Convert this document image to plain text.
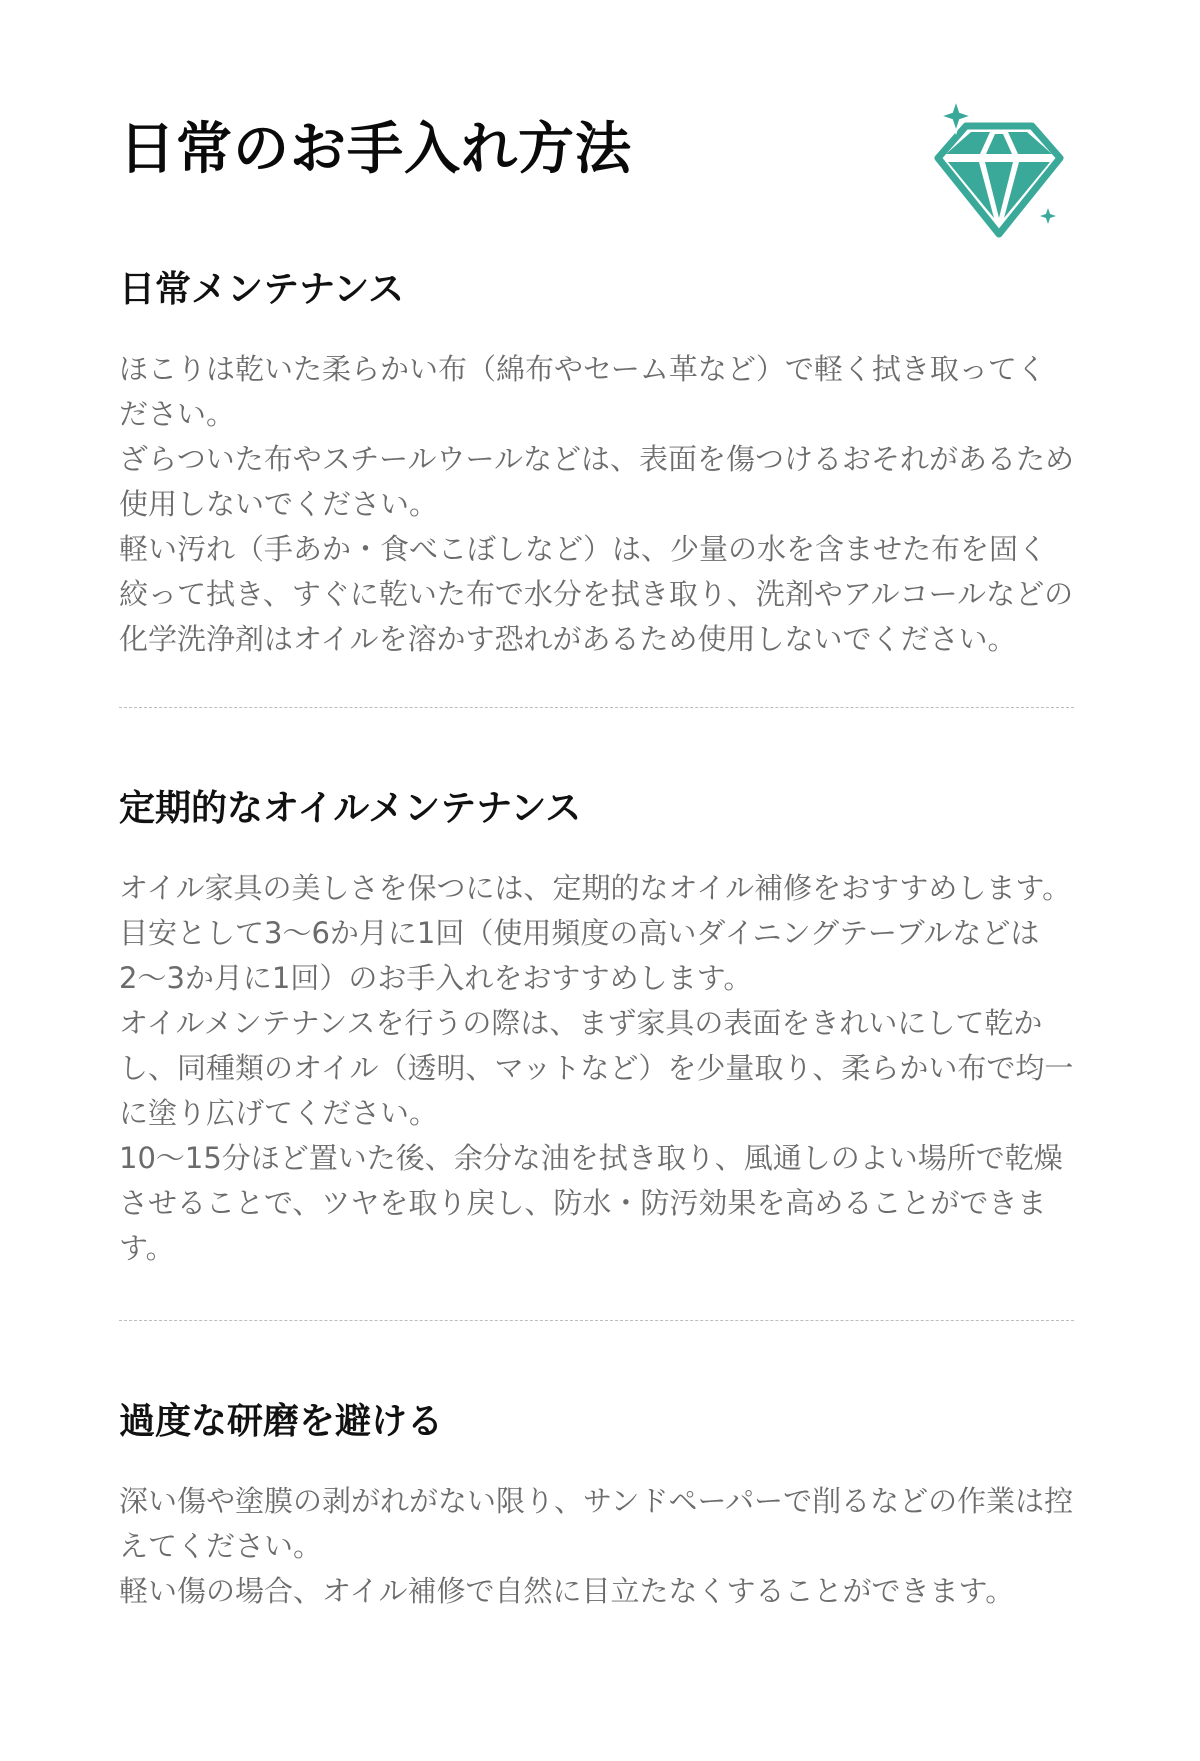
日常のお手入れ方法
日常メンテナンス
ほこりは乾いた柔らかい布（綿布やセーム革など）で軽く拭き取ってください。
ざらついた布やスチールウールなどは、表面を傷つけるおそれがあるため使用しないでください。
軽い汚れ（手あか・食べこぼしなど）は、少量の水を含ませた布を固く絞って拭き、すぐに乾いた布で水分を拭き取り、洗剤やアルコールなどの化学洗浄剤はオイルを溶かす恐れがあるため使用しないでください。
定期的なオイルメンテナンス
オイル家具の美しさを保つには、定期的なオイル補修をおすすめします。
目安として3〜6か月に1回（使用頻度の高いダイニングテーブルなどは2〜3か月に1回）のお手入れをおすすめします。
オイルメンテナンスを行うの際は、まず家具の表面をきれいにして乾かし、同種類のオイル（透明、マットなど）を少量取り、柔らかい布で均一に塗り広げてください。
10〜15分ほど置いた後、余分な油を拭き取り、風通しのよい場所で乾燥させることで、ツヤを取り戻し、防水・防汚効果を高めることができます。
過度な研磨を避ける
深い傷や塗膜の剥がれがない限り、サンドペーパーで削るなどの作業は控えてください。
軽い傷の場合、オイル補修で自然に目立たなくすることができます。
